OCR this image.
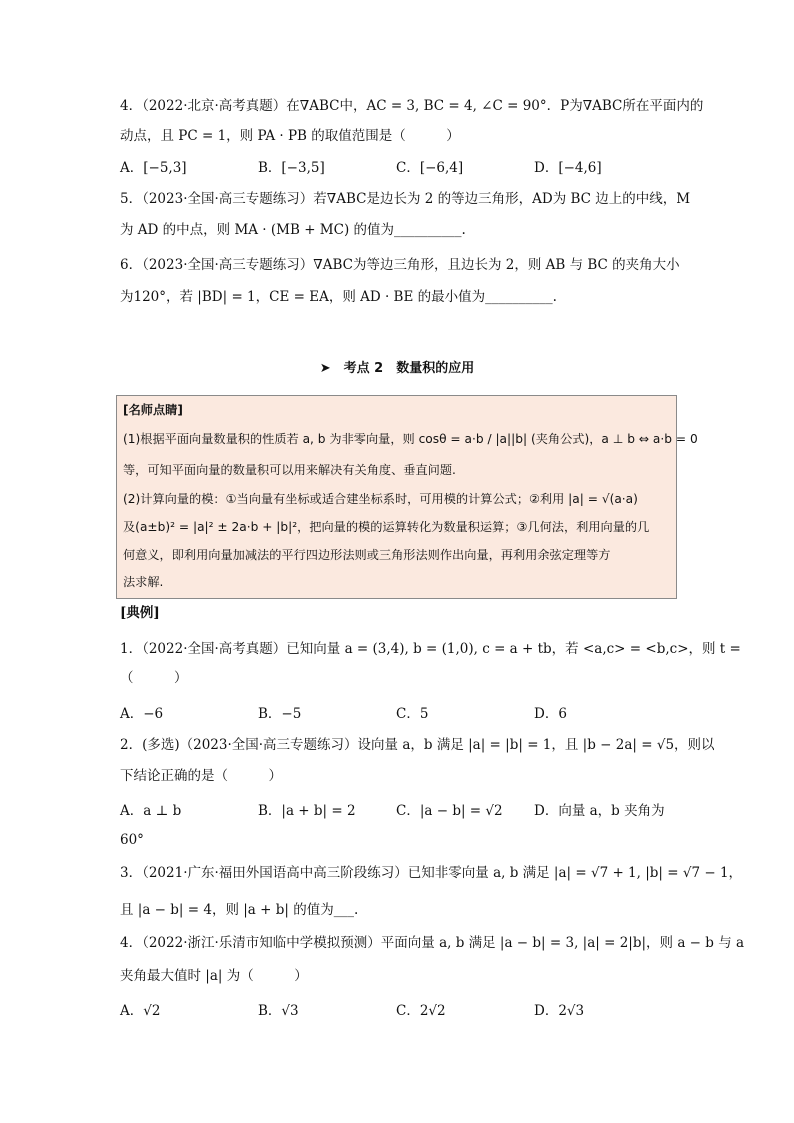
4．（2022·北京·高考真题）在∇ABC中，AC = 3, BC = 4, ∠C = 90°．P为∇ABC所在平面内的
动点，且 PC = 1，则 PA · PB 的取值范围是（　　　）
A．[−5,3]	B．[−3,5]	C．[−6,4]	D．[−4,6]
5．（2023·全国·高三专题练习）若∇ABC是边长为 2 的等边三角形，AD为 BC 边上的中线，M
为 AD 的中点，则 MA · (MB + MC) 的值为__________.
6．（2023·全国·高三专题练习）∇ABC为等边三角形，且边长为 2，则 AB 与 BC 的夹角大小
为120°，若 |BD| = 1，CE = EA，则 AD · BE 的最小值为__________.
➤　考点 2　数量积的应用
[名师点睛]
(1)根据平面向量数量积的性质若 a, b 为非零向量，则 cosθ = a·b / |a||b| (夹角公式)，a ⊥ b ⇔ a·b = 0
等，可知平面向量的数量积可以用来解决有关角度、垂直问题.
(2)计算向量的模：①当向量有坐标或适合建坐标系时，可用模的计算公式；②利用 |a| = √(a·a)
及(a±b)² = |a|² ± 2a·b + |b|²，把向量的模的运算转化为数量积运算；③几何法，利用向量的几
何意义，即利用向量加减法的平行四边形法则或三角形法则作出向量，再利用余弦定理等方
法求解.
[典例]
1．（2022·全国·高考真题）已知向量 a = (3,4), b = (1,0), c = a + tb，若 <a,c> = <b,c>，则 t =
（　　　）
A．−6	B．−5	C．5	D．6
2．(多选)（2023·全国·高三专题练习）设向量 a，b 满足 |a| = |b| = 1，且 |b − 2a| = √5，则以
下结论正确的是（　　　）
A．a ⊥ b	B．|a + b| = 2	C．|a − b| = √2 D．向量 a，b 夹角为
60°
3．（2021·广东·福田外国语高中高三阶段练习）已知非零向量 a, b 满足 |a| = √7 + 1, |b| = √7 − 1，
且 |a − b| = 4，则 |a + b| 的值为___.
4．（2022·浙江·乐清市知临中学模拟预测）平面向量 a, b 满足 |a − b| = 3, |a| = 2|b|，则 a − b 与 a
夹角最大值时 |a| 为（　　　）
A．√2	B．√3	C．2√2	D．2√3
